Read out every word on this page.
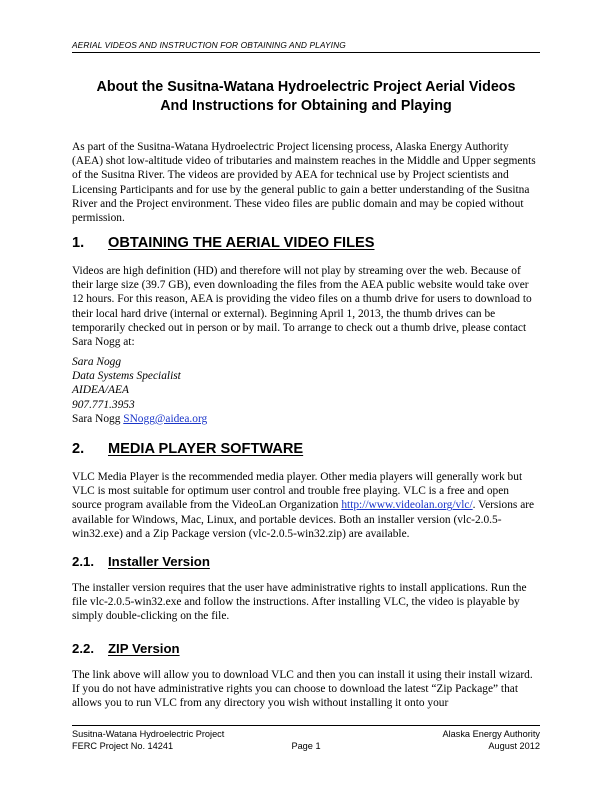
AERIAL VIDEOS AND INSTRUCTION FOR OBTAINING AND PLAYING
About the Susitna-Watana Hydroelectric Project Aerial Videos
And Instructions for Obtaining and Playing
As part of the Susitna-Watana Hydroelectric Project licensing process, Alaska Energy Authority (AEA) shot low-altitude video of tributaries and mainstem reaches in the Middle and Upper segments of the Susitna River. The videos are provided by AEA for technical use by Project scientists and Licensing Participants and for use by the general public to gain a better understanding of the Susitna River and the Project environment. These video files are public domain and may be copied without permission.
1. OBTAINING THE AERIAL VIDEO FILES
Videos are high definition (HD) and therefore will not play by streaming over the web. Because of their large size (39.7 GB), even downloading the files from the AEA public website would take over 12 hours. For this reason, AEA is providing the video files on a thumb drive for users to download to their local hard drive (internal or external). Beginning April 1, 2013, the thumb drives can be temporarily checked out in person or by mail. To arrange to check out a thumb drive, please contact Sara Nogg at:
Sara Nogg
Data Systems Specialist
AIDEA/AEA
907.771.3953
Sara Nogg SNogg@aidea.org
2. MEDIA PLAYER SOFTWARE
VLC Media Player is the recommended media player. Other media players will generally work but VLC is most suitable for optimum user control and trouble free playing. VLC is a free and open source program available from the VideoLan Organization http://www.videolan.org/vlc/. Versions are available for Windows, Mac, Linux, and portable devices. Both an installer version (vlc-2.0.5-win32.exe) and a Zip Package version (vlc-2.0.5-win32.zip) are available.
2.1. Installer Version
The installer version requires that the user have administrative rights to install applications. Run the file vlc-2.0.5-win32.exe and follow the instructions. After installing VLC, the video is playable by simply double-clicking on the file.
2.2. ZIP Version
The link above will allow you to download VLC and then you can install it using their install wizard. If you do not have administrative rights you can choose to download the latest “Zip Package” that allows you to run VLC from any directory you wish without installing it onto your
Susitna-Watana Hydroelectric Project	Alaska Energy Authority
FERC Project No. 14241	Page 1	August 2012
